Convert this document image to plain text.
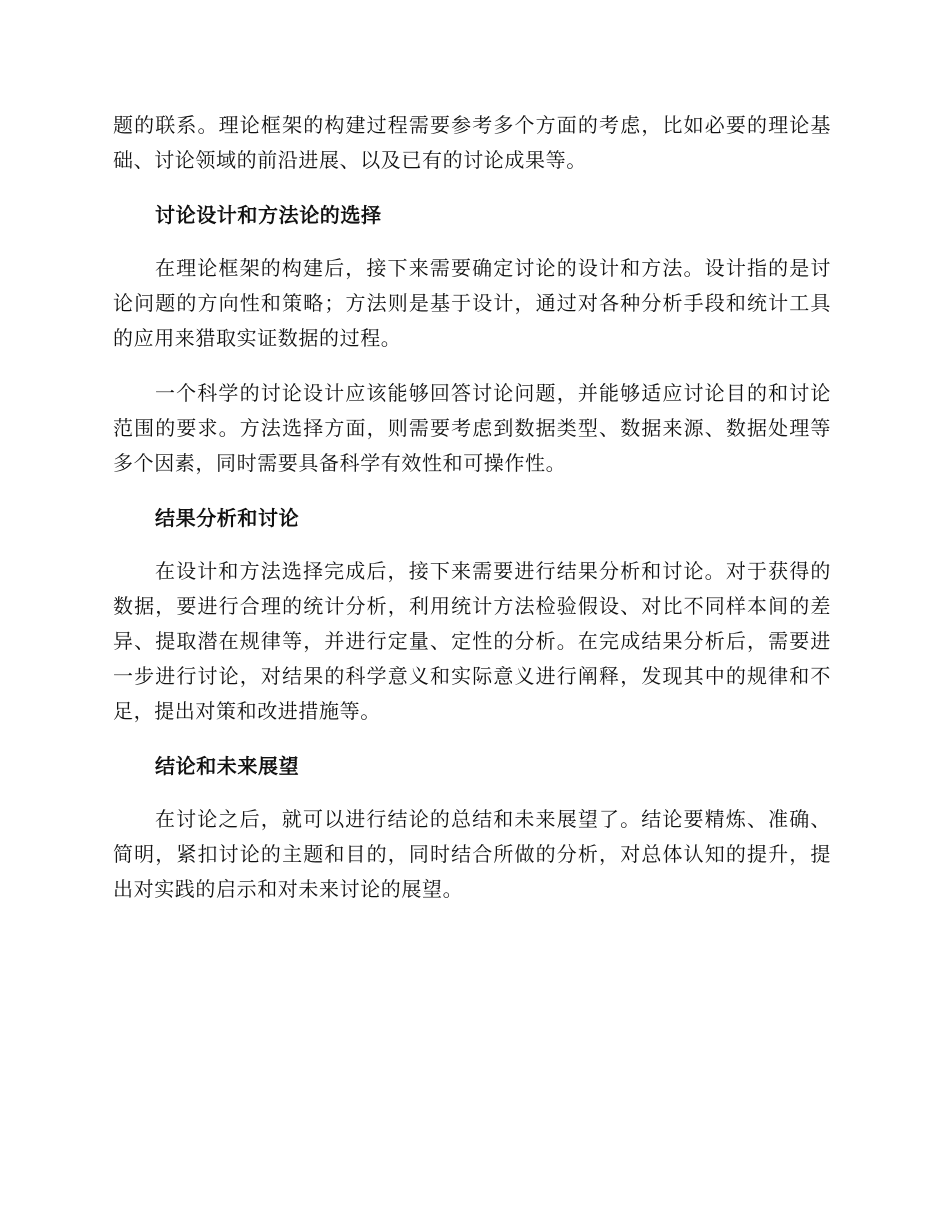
题的联系。理论框架的构建过程需要参考多个方面的考虑，比如必要的理论基础、讨论领域的前沿进展、以及已有的讨论成果等。

讨论设计和方法论的选择

在理论框架的构建后，接下来需要确定讨论的设计和方法。设计指的是讨论问题的方向性和策略；方法则是基于设计，通过对各种分析手段和统计工具的应用来猎取实证数据的过程。

一个科学的讨论设计应该能够回答讨论问题，并能够适应讨论目的和讨论范围的要求。方法选择方面，则需要考虑到数据类型、数据来源、数据处理等多个因素，同时需要具备科学有效性和可操作性。

结果分析和讨论

在设计和方法选择完成后，接下来需要进行结果分析和讨论。对于获得的数据，要进行合理的统计分析，利用统计方法检验假设、对比不同样本间的差异、提取潜在规律等，并进行定量、定性的分析。在完成结果分析后，需要进一步进行讨论，对结果的科学意义和实际意义进行阐释，发现其中的规律和不足，提出对策和改进措施等。

结论和未来展望

在讨论之后，就可以进行结论的总结和未来展望了。结论要精炼、准确、简明，紧扣讨论的主题和目的，同时结合所做的分析，对总体认知的提升，提出对实践的启示和对未来讨论的展望。
